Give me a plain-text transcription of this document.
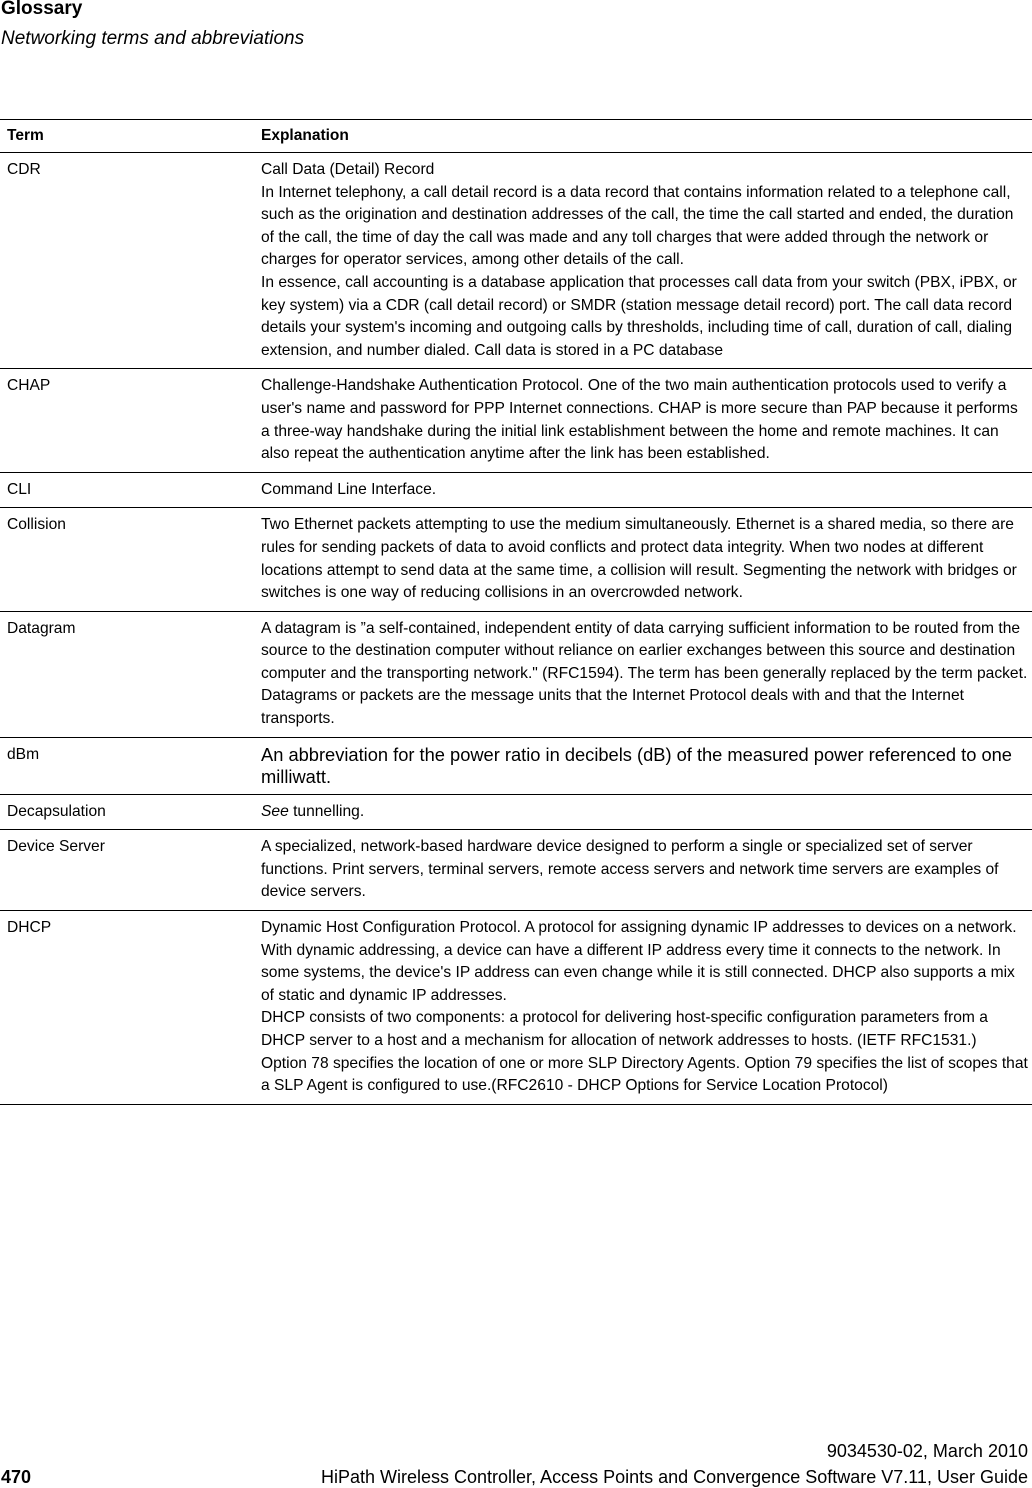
Glossary

Networking terms and abbreviations

Term	Explanation
CDR	Call Data (Detail) Record
In Internet telephony, a call detail record is a data record that contains information related to a telephone call, such as the origination and destination addresses of the call, the time the call started and ended, the duration of the call, the time of day the call was made and any toll charges that were added through the network or charges for operator services, among other details of the call.
In essence, call accounting is a database application that processes call data from your switch (PBX, iPBX, or key system) via a CDR (call detail record) or SMDR (station message detail record) port. The call data record details your system's incoming and outgoing calls by thresholds, including time of call, duration of call, dialing extension, and number dialed. Call data is stored in a PC database

CHAP	Challenge-Handshake Authentication Protocol. One of the two main authentication protocols used to verify a user's name and password for PPP Internet connections. CHAP is more secure than PAP because it performs a three-way handshake during the initial link establishment between the home and remote machines. It can also repeat the authentication anytime after the link has been established.

CLI	Command Line Interface.

Collision	Two Ethernet packets attempting to use the medium simultaneously. Ethernet is a shared media, so there are rules for sending packets of data to avoid conflicts and protect data integrity. When two nodes at different locations attempt to send data at the same time, a collision will result. Segmenting the network with bridges or switches is one way of reducing collisions in an overcrowded network.

Datagram	A datagram is ”a self-contained, independent entity of data carrying sufficient information to be routed from the source to the destination computer without reliance on earlier exchanges between this source and destination computer and the transporting network." (RFC1594). The term has been generally replaced by the term packet. Datagrams or packets are the message units that the Internet Protocol deals with and that the Internet transports.

dBm	An abbreviation for the power ratio in decibels (dB) of the measured power referenced to one milliwatt.

Decapsulation	See tunnelling.
Device Server	A specialized, network-based hardware device designed to perform a single or specialized set of server functions. Print servers, terminal servers, remote access servers and network time servers are examples of device servers.

DHCP	Dynamic Host Configuration Protocol. A protocol for assigning dynamic IP addresses to devices on a network. With dynamic addressing, a device can have a different IP address every time it connects to the network. In some systems, the device's IP address can even change while it is still connected. DHCP also supports a mix of static and dynamic IP addresses.
DHCP consists of two components: a protocol for delivering host-specific configuration parameters from a DHCP server to a host and a mechanism for allocation of network addresses to hosts. (IETF RFC1531.)
Option 78 specifies the location of one or more SLP Directory Agents. Option 79 specifies the list of scopes that a SLP Agent is configured to use.(RFC2610 - DHCP Options for Service Location Protocol)
9034530-02, March 2010
470	HiPath Wireless Controller, Access Points and Convergence Software V7.11, User Guide
